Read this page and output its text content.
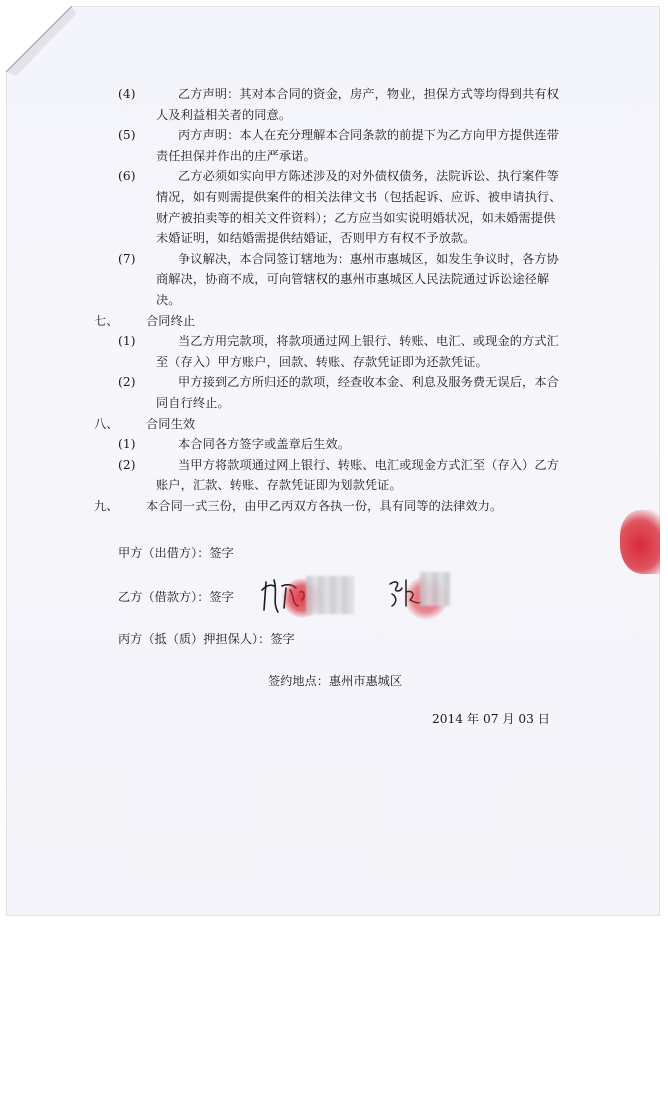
(4)	乙方声明：其对本合同的资金，房产，物业，担保方式等均得到共有权人及利益相关者的同意。
(5)	丙方声明：本人在充分理解本合同条款的前提下为乙方向甲方提供连带责任担保并作出的庄严承诺。
(6)	乙方必须如实向甲方陈述涉及的对外债权债务，法院诉讼、执行案件等情况，如有则需提供案件的相关法律文书（包括起诉、应诉、被申请执行、财产被拍卖等的相关文件资料）；乙方应当如实说明婚状况，如未婚需提供未婚证明，如结婚需提供结婚证，否则甲方有权不予放款。
(7)	争议解决，本合同签订辖地为：惠州市惠城区，如发生争议时，各方协商解决，协商不成，可向管辖权的惠州市惠城区人民法院通过诉讼途径解决。
七、	合同终止
(1)	当乙方用完款项，将款项通过网上银行、转账、电汇、或现金的方式汇至（存入）甲方账户，回款、转账、存款凭证即为还款凭证。
(2)	甲方接到乙方所归还的款项，经查收本金、利息及服务费无误后，本合同自行终止。
八、	合同生效
(1)	本合同各方签字或盖章后生效。
(2)	当甲方将款项通过网上银行、转账、电汇或现金方式汇至（存入）乙方账户，汇款、转账、存款凭证即为划款凭证。
九、	本合同一式三份，由甲乙丙双方各执一份，具有同等的法律效力。
甲方（出借方）：签字
乙方（借款方）：签字
丙方（抵（质）押担保人）：签字
签约地点：惠州市惠城区
2014 年 07 月 03 日
